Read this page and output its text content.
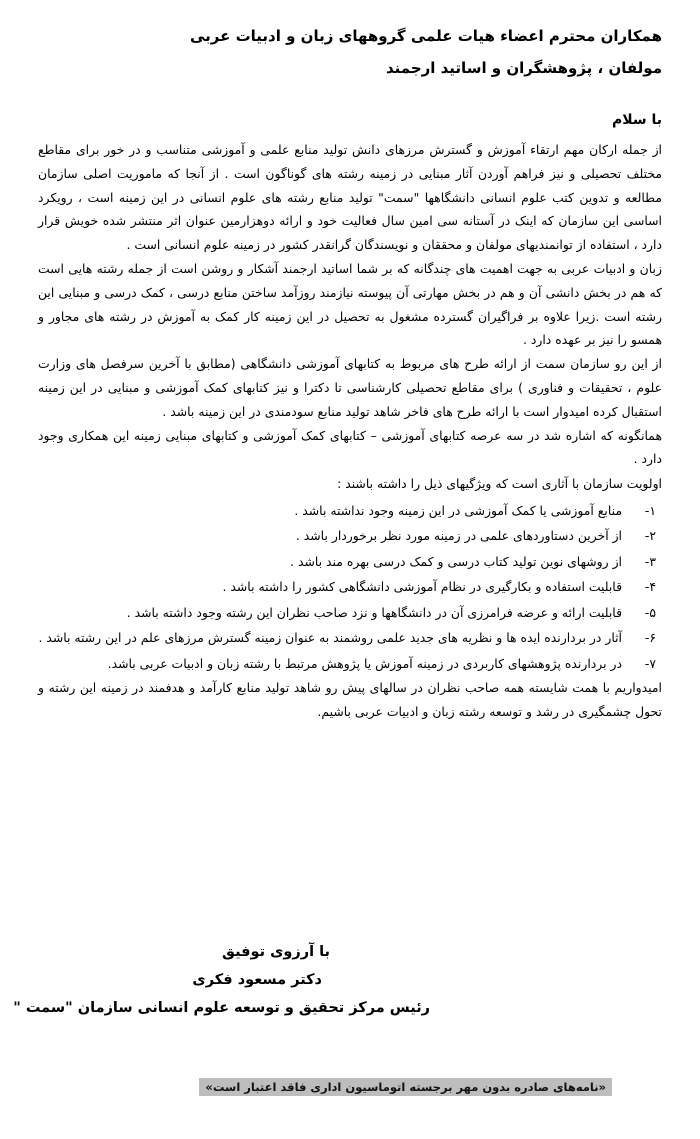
همکاران محترم اعضاء هیات علمی گروههای زبان و ادبیات عربی
مولفان ، پژوهشگران و اساتید ارجمند
با سلام

از جمله ارکان مهم ارتقاء آموزش و گسترش مرزهای دانش تولید منابع علمی و آموزشی متناسب و در خور برای مقاطع مختلف تحصیلی و نیز فراهم آوردن آثار مبنایی در زمینه رشته های گوناگون است . از آنجا که ماموریت اصلی سازمان مطالعه و تدوین کتب علوم انسانی دانشگاهها "سمت" تولید منابع رشته های علوم انسانی در این زمینه است ، رویکرد اساسی این سازمان که اینک در آستانه سی امین سال فعالیت خود و ارائه دوهزارمین عنوان اثر منتشر شده خویش قرار دارد ، استفاده از توانمندیهای مولفان و محققان و نویسندگان گرانقدر کشور در زمینه علوم انسانی است .

زبان و ادبیات عربی به جهت اهمیت های چندگانه که بر شما اساتید ارجمند آشکار و روشن است از جمله رشته هایی است که هم در بخش دانشی آن و هم در بخش مهارتی آن پیوسته نیازمند روزآمد ساختن منابع درسی ، کمک درسی و مبنایی این رشته است .زیرا علاوه بر فراگیران گسترده مشغول به تحصیل در این زمینه کار کمک به آموزش در رشته های مجاور و همسو را نیز بر عهده دارد .

از این رو سازمان سمت از ارائه طرح های مربوط به کتابهای آموزشی دانشگاهی (مطابق با آخرین سرفصل های وزارت علوم ، تحقیقات و فناوری ) برای مقاطع تحصیلی کارشناسی تا دکترا و نیز کتابهای کمک آموزشی و مبنایی در این زمینه استقبال کرده امیدوار است با ارائه طرح های فاخر شاهد تولید منابع سودمندی در این زمینه باشد .

همانگونه که اشاره شد در سه عرصه کتابهای آموزشی – کتابهای کمک آموزشی و کتابهای مبنایی زمینه این همکاری وجود دارد .

اولویت سازمان با آثاری است که ویژگیهای ذیل را داشته باشند :

۱-
منابع آموزشی یا کمک آموزشی در این زمینه وجود نداشته باشد .
۲-
از آخرین دستاوردهای علمی در زمینه مورد نظر برخوردار باشد .
۳-
از روشهای نوین تولید کتاب درسی و کمک درسی بهره مند باشد .
۴-
قابلیت استفاده و بکارگیری در نظام آموزشی دانشگاهی کشور را داشته باشد .
۵-
قابلیت ارائه و عرضه فرامرزی آن در دانشگاهها و نزد صاحب نظران این رشته وجود داشته باشد .
۶-
آثار در بردارنده ایده ها و نظریه های جدید علمی روشمند به عنوان زمینه گسترش مرزهای علم در این رشته باشد .
۷-
در بردارنده پژوهشهای کاربردی در زمینه آموزش یا پژوهش مرتبط با رشته زبان و ادبیات عربی باشد.

امیدواریم با همت شایسته همه صاحب نظران در سالهای پیش رو شاهد تولید منابع کارآمد و هدفمند در زمینه این رشته و تحول چشمگیری در رشد و توسعه رشته زبان و ادبیات عربی باشیم.

با آرزوی توفیق
دکتر مسعود فکری
رئیس مرکز تحقیق و توسعه علوم انسانی سازمان "سمت "
«نامه‌های صادره بدون مهر برجسته اتوماسیون اداری فاقد اعتبار است»
